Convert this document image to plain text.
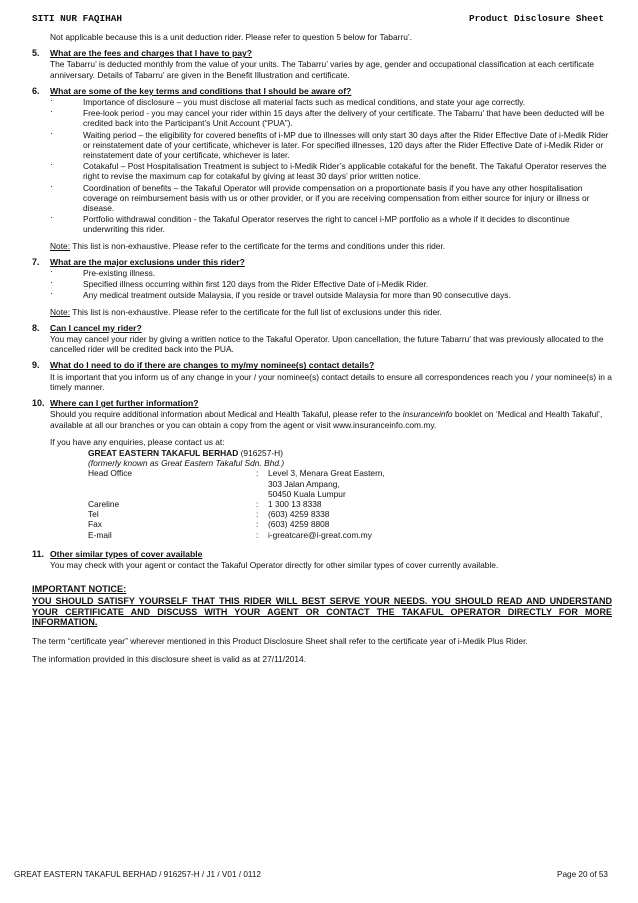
SITI NUR FAQIHAH	Product Disclosure Sheet
Not applicable because this is a unit deduction rider. Please refer to question 5 below for Tabarru’.
5. What are the fees and charges that I have to pay?
The Tabarru’ is deducted monthly from the value of your units. The Tabarru’ varies by age, gender and occupational classification at each certificate anniversary. Details of Tabarru’ are given in the Benefit Illustration and certificate.
6. What are some of the key terms and conditions that I should be aware of?
·	Importance of disclosure – you must disclose all material facts such as medical conditions, and state your age correctly.
·	Free-look period - you may cancel your rider within 15 days after the delivery of your certificate. The Tabarru’ that have been deducted will be credited back into the Participant’s Unit Account (“PUA”).
·	Waiting period – the eligibility for covered benefits of i-MP due to illnesses will only start 30 days after the Rider Effective Date of i-Medik Rider or reinstatement date of your certificate, whichever is later. For specified illnesses, 120 days after the Rider Effective Date of i-Medik Rider or reinstatement date of your certificate, whichever is later.
·	Cotakaful – Post Hospitalisation Treatment is subject to i-Medik Rider’s applicable cotakaful for the benefit. The Takaful Operator reserves the right to revise the maximum cap for cotakaful by giving at least 30 days’ prior written notice.
·	Coordination of benefits – the Takaful Operator will provide compensation on a proportionate basis if you have any other hospitalisation coverage on reimbursement basis with us or other provider, or if you are receiving compensation from either source for injury or illness or disease.
·	Portfolio withdrawal condition - the Takaful Operator reserves the right to cancel i-MP portfolio as a whole if it decides to discontinue underwriting this rider.
Note: This list is non-exhaustive. Please refer to the certificate for the terms and conditions under this rider.
7. What are the major exclusions under this rider?
·	Pre-existing illness.
·	Specified illness occurring within first 120 days from the Rider Effective Date of i-Medik Rider.
·	Any medical treatment outside Malaysia, if you reside or travel outside Malaysia for more than 90 consecutive days.
Note: This list is non-exhaustive. Please refer to the certificate for the full list of exclusions under this rider.
8. Can I cancel my rider?
You may cancel your rider by giving a written notice to the Takaful Operator. Upon cancellation, the future Tabarru’ that was previously allocated to the cancelled rider will be credited back into the PUA.
9. What do I need to do if there are changes to my/my nominee(s) contact details?
It is important that you inform us of any change in your / your nominee(s) contact details to ensure all correspondences reach you / your nominee(s) in a timely manner.
10. Where can I get further information?
Should you require additional information about Medical and Health Takaful, please refer to the insuranceinfo booklet on ‘Medical and Health Takaful’, available at all our branches or you can obtain a copy from the agent or visit www.insuranceinfo.com.my.
If you have any enquiries, please contact us at:
GREAT EASTERN TAKAFUL BERHAD (916257-H)
(formerly known as Great Eastern Takaful Sdn. Bhd.)
Head Office	:	Level 3, Menara Great Eastern,
303 Jalan Ampang,
50450 Kuala Lumpur
Careline	:	1 300 13 8338
Tel	:	(603) 4259 8338
Fax	:	(603) 4259 8808
E-mail	:	i-greatcare@i-great.com.my
11. Other similar types of cover available
You may check with your agent or contact the Takaful Operator directly for other similar types of cover currently available.
IMPORTANT NOTICE:
YOU SHOULD SATISFY YOURSELF THAT THIS RIDER WILL BEST SERVE YOUR NEEDS. YOU SHOULD READ AND UNDERSTAND YOUR CERTIFICATE AND DISCUSS WITH YOUR AGENT OR CONTACT THE TAKAFUL OPERATOR DIRECTLY FOR MORE INFORMATION.
The term “certificate year” wherever mentioned in this Product Disclosure Sheet shall refer to the certificate year of i-Medik Plus Rider.
The information provided in this disclosure sheet is valid as at 27/11/2014.
GREAT EASTERN TAKAFUL BERHAD / 916257-H / J1 / V01 / 0112	Page 20 of 53
